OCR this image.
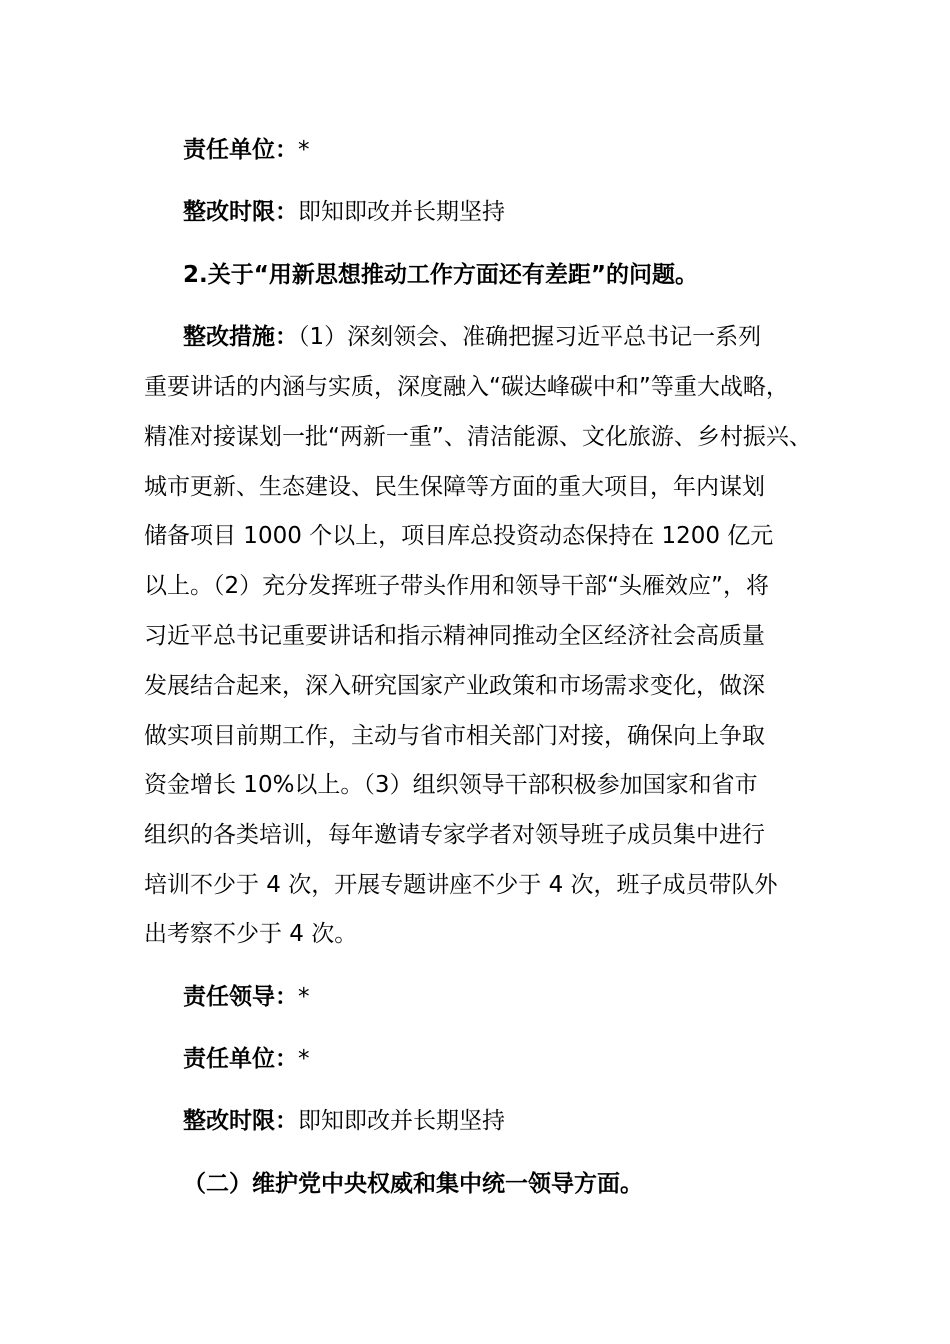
责任单位：*
整改时限：即知即改并长期坚持
2.关于“用新思想推动工作方面还有差距”的问题。
整改措施：（1）深刻领会、准确把握习近平总书记一系列
重要讲话的内涵与实质，深度融入“碳达峰碳中和”等重大战略，
精准对接谋划一批“两新一重”、清洁能源、文化旅游、乡村振兴、
城市更新、生态建设、民生保障等方面的重大项目，年内谋划
储备项目 1000 个以上，项目库总投资动态保持在 1200 亿元
以上。（2）充分发挥班子带头作用和领导干部“头雁效应”，将
习近平总书记重要讲话和指示精神同推动全区经济社会高质量
发展结合起来，深入研究国家产业政策和市场需求变化，做深
做实项目前期工作，主动与省市相关部门对接，确保向上争取
资金增长 10%以上。（3）组织领导干部积极参加国家和省市
组织的各类培训，每年邀请专家学者对领导班子成员集中进行
培训不少于 4 次，开展专题讲座不少于 4 次，班子成员带队外
出考察不少于 4 次。
责任领导：*
责任单位：*
整改时限：即知即改并长期坚持
（二）维护党中央权威和集中统一领导方面。
